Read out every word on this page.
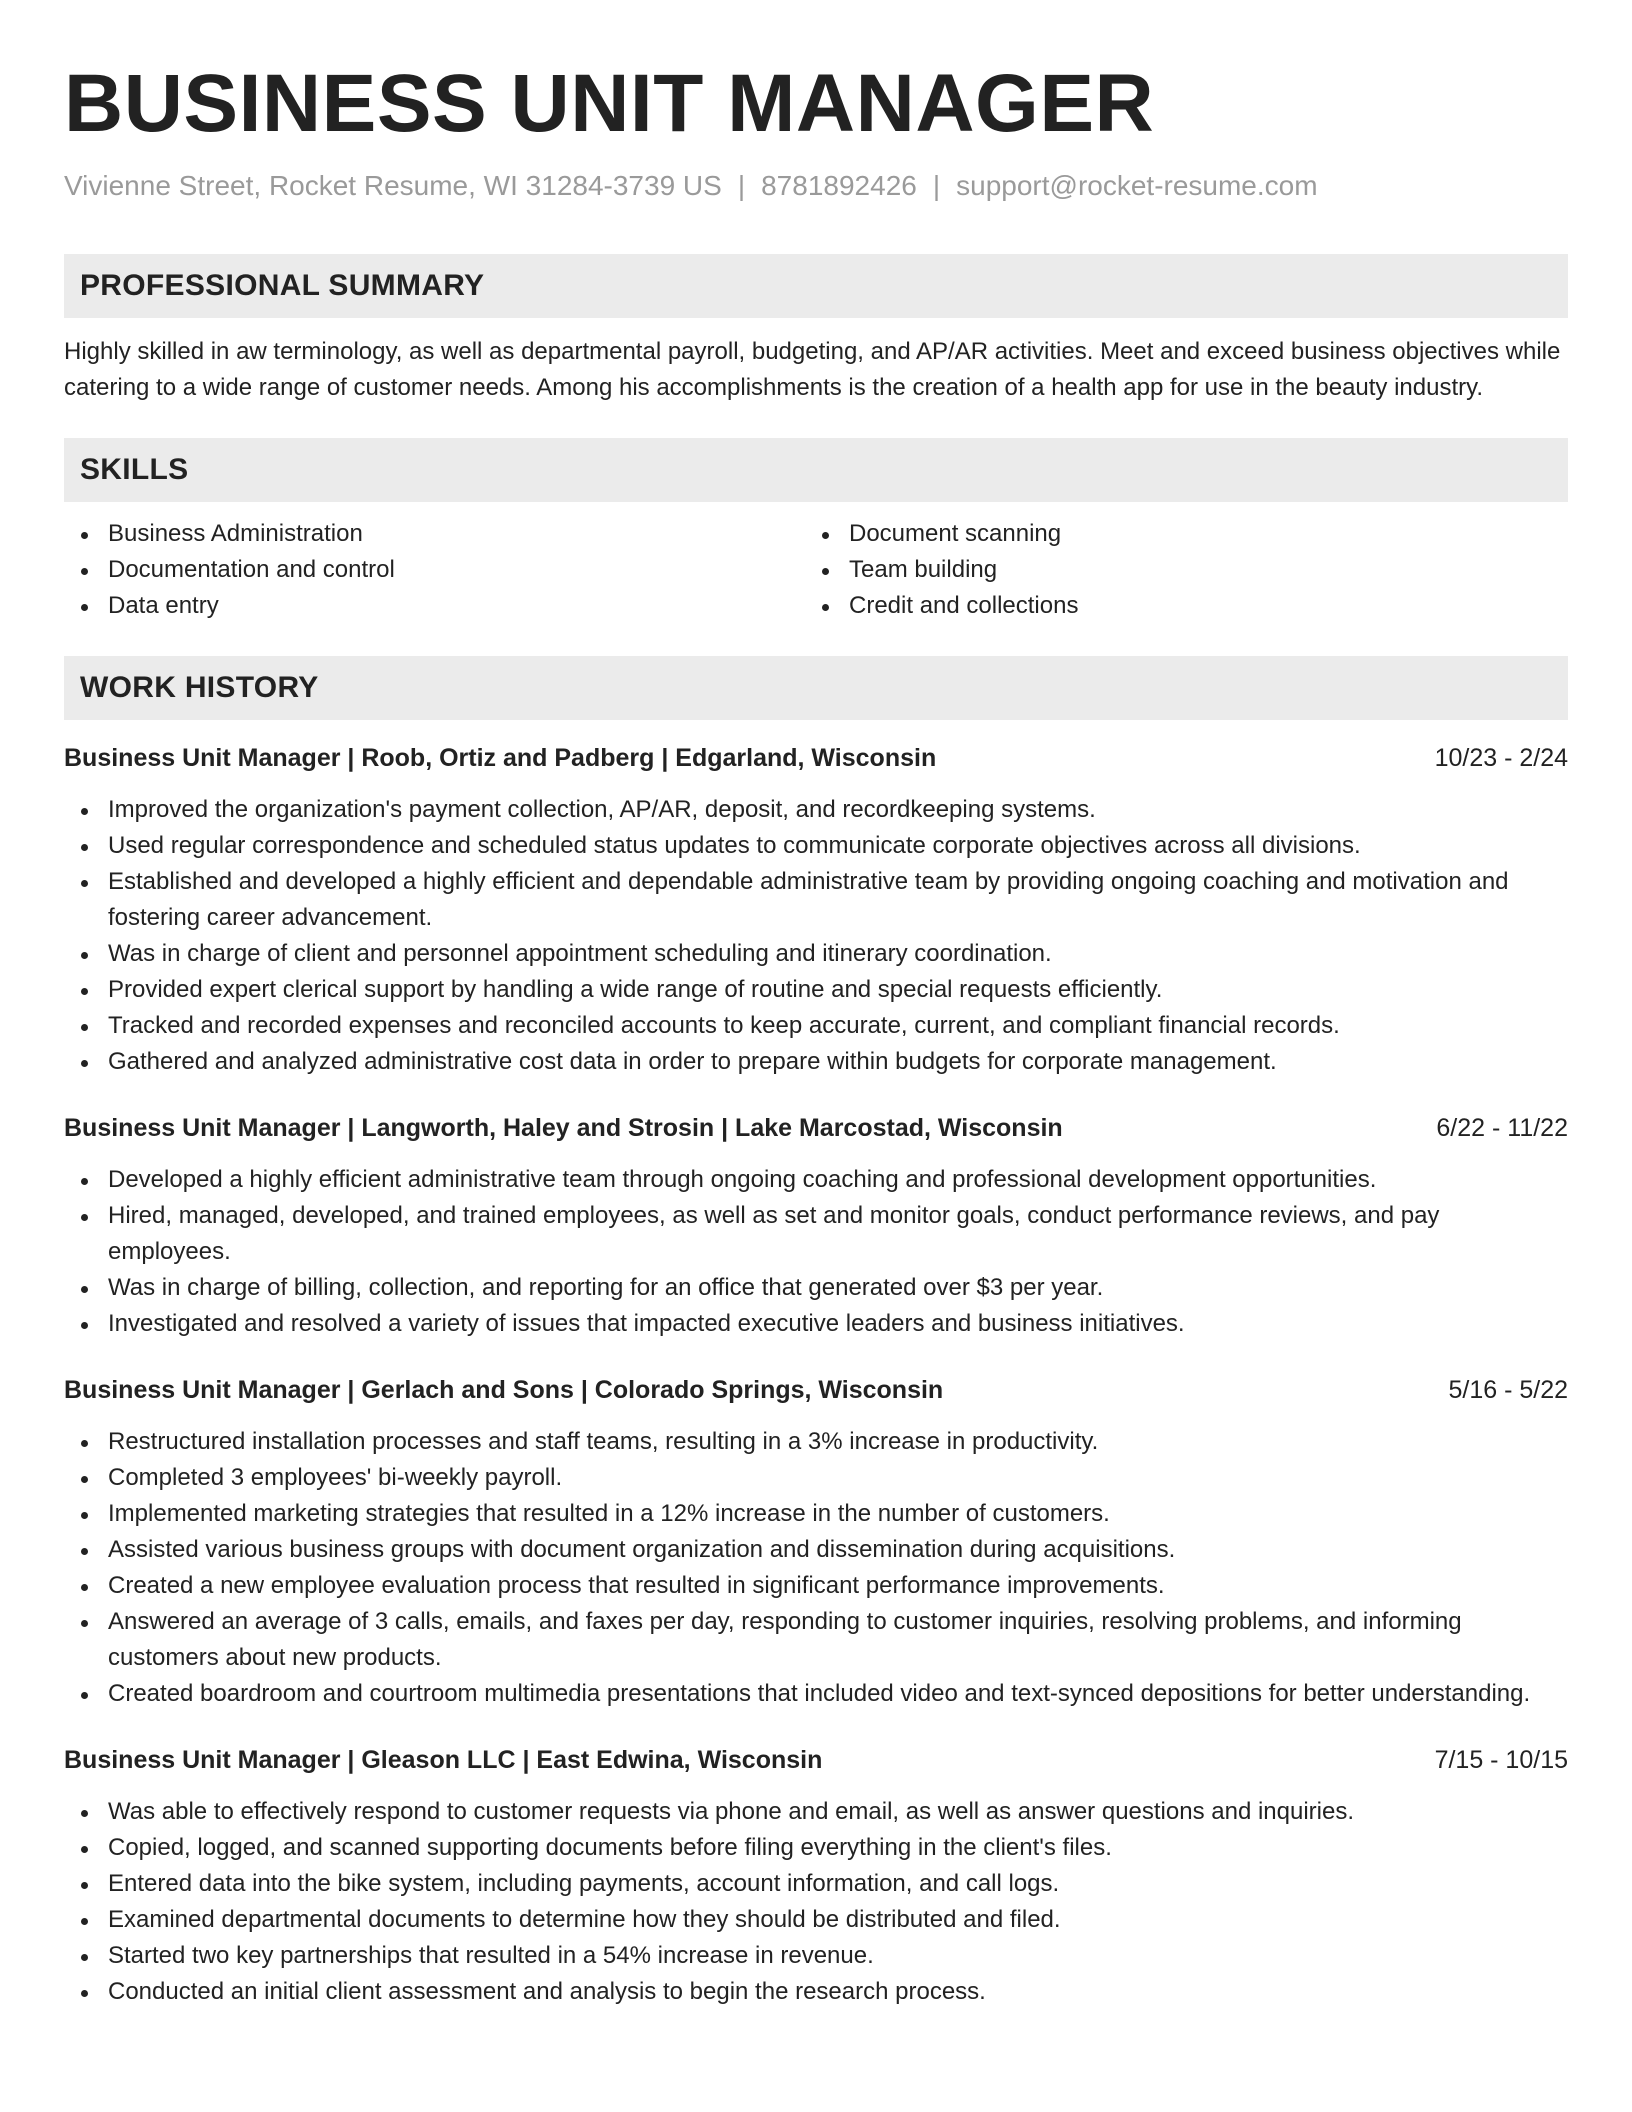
BUSINESS UNIT MANAGER
Vivienne Street, Rocket Resume, WI 31284-3739 US | 8781892426 | support@rocket-resume.com
PROFESSIONAL SUMMARY

Highly skilled in aw terminology, as well as departmental payroll, budgeting, and AP/AR activities. Meet and exceed business objectives while catering to a wide range of customer needs. Among his accomplishments is the creation of a health app for use in the beauty industry.

SKILLS
Business Administration
Documentation and control
Data entry
Document scanning
Team building
Credit and collections
WORK HISTORY
Business Unit Manager | Roob, Ortiz and Padberg | Edgarland, Wisconsin	10/23 - 2/24
Improved the organization's payment collection, AP/AR, deposit, and recordkeeping systems.
Used regular correspondence and scheduled status updates to communicate corporate objectives across all divisions.
Established and developed a highly efficient and dependable administrative team by providing ongoing coaching and motivation and fostering career advancement.
Was in charge of client and personnel appointment scheduling and itinerary coordination.
Provided expert clerical support by handling a wide range of routine and special requests efficiently.
Tracked and recorded expenses and reconciled accounts to keep accurate, current, and compliant financial records.
Gathered and analyzed administrative cost data in order to prepare within budgets for corporate management.
Business Unit Manager | Langworth, Haley and Strosin | Lake Marcostad, Wisconsin	6/22 - 11/22
Developed a highly efficient administrative team through ongoing coaching and professional development opportunities.
Hired, managed, developed, and trained employees, as well as set and monitor goals, conduct performance reviews, and pay employees.
Was in charge of billing, collection, and reporting for an office that generated over $3 per year.
Investigated and resolved a variety of issues that impacted executive leaders and business initiatives.
Business Unit Manager | Gerlach and Sons | Colorado Springs, Wisconsin	5/16 - 5/22
Restructured installation processes and staff teams, resulting in a 3% increase in productivity.
Completed 3 employees' bi-weekly payroll.
Implemented marketing strategies that resulted in a 12% increase in the number of customers.
Assisted various business groups with document organization and dissemination during acquisitions.
Created a new employee evaluation process that resulted in significant performance improvements.
Answered an average of 3 calls, emails, and faxes per day, responding to customer inquiries, resolving problems, and informing customers about new products.
Created boardroom and courtroom multimedia presentations that included video and text-synced depositions for better understanding.
Business Unit Manager | Gleason LLC | East Edwina, Wisconsin	7/15 - 10/15
Was able to effectively respond to customer requests via phone and email, as well as answer questions and inquiries.
Copied, logged, and scanned supporting documents before filing everything in the client's files.
Entered data into the bike system, including payments, account information, and call logs.
Examined departmental documents to determine how they should be distributed and filed.
Started two key partnerships that resulted in a 54% increase in revenue.
Conducted an initial client assessment and analysis to begin the research process.
